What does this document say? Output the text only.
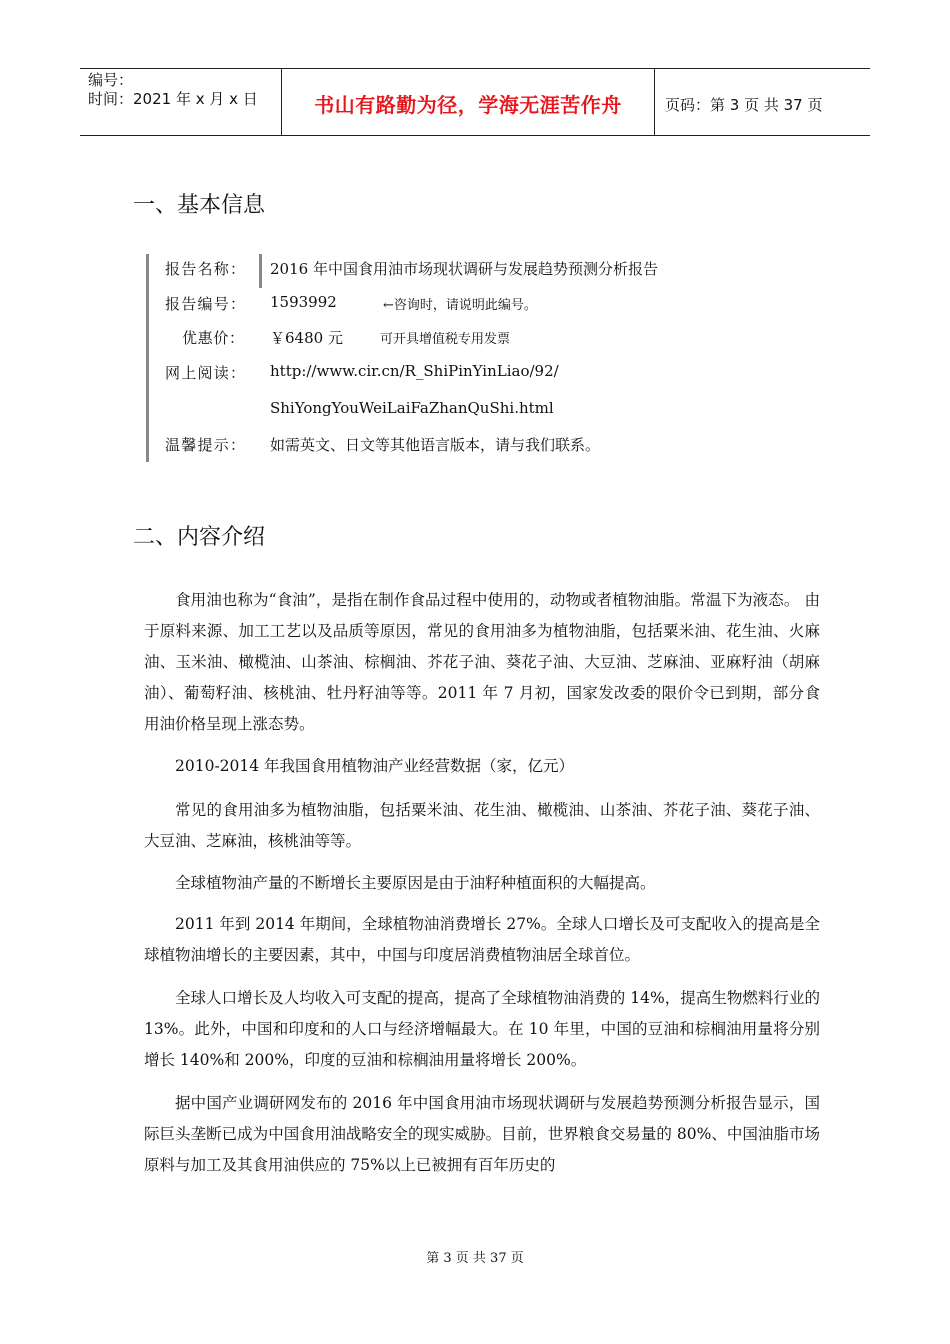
编号：
时间：2021 年 x 月 x 日	书山有路勤为径，学海无涯苦作舟	页码：第 3 页 共 37 页
一、基本信息
报告名称： 2016 年中国食用油市场现状调研与发展趋势预测分析报告
报告编号： 1593992	←咨询时，请说明此编号。
优惠价： ￥6480 元	可开具增值税专用发票
网上阅读： http://www.cir.cn/R_ShiPinYinLiao/92/
ShiYongYouWeiLaiFaZhanQuShi.html
温馨提示： 如需英文、日文等其他语言版本，请与我们联系。
二、内容介绍

食用油也称为“食油”，是指在制作食品过程中使用的，动物或者植物油脂。常温下为液态。 由于原料来源、加工工艺以及品质等原因，常见的食用油多为植物油脂，包括粟米油、花生油、火麻油、玉米油、橄榄油、山茶油、棕榈油、芥花子油、葵花子油、大豆油、芝麻油、亚麻籽油（胡麻油）、葡萄籽油、核桃油、牡丹籽油等等。2011 年 7 月初，国家发改委的限价令已到期，部分食用油价格呈现上涨态势。

2010-2014 年我国食用植物油产业经营数据（家，亿元）

常见的食用油多为植物油脂，包括粟米油、花生油、橄榄油、山茶油、芥花子油、葵花子油、大豆油、芝麻油，核桃油等等。

全球植物油产量的不断增长主要原因是由于油籽种植面积的大幅提高。

2011 年到 2014 年期间，全球植物油消费增长 27%。全球人口增长及可支配收入的提高是全球植物油增长的主要因素，其中，中国与印度居消费植物油居全球首位。

全球人口增长及人均收入可支配的提高，提高了全球植物油消费的 14%，提高生物燃料行业的 13%。此外，中国和印度和的人口与经济增幅最大。在 10 年里，中国的豆油和棕榈油用量将分别增长 140%和 200%，印度的豆油和棕榈油用量将增长 200%。

据中国产业调研网发布的 2016 年中国食用油市场现状调研与发展趋势预测分析报告显示，国际巨头垄断已成为中国食用油战略安全的现实威胁。目前，世界粮食交易量的 80%、中国油脂市场原料与加工及其食用油供应的 75%以上已被拥有百年历史的

第 3 页 共 37 页
